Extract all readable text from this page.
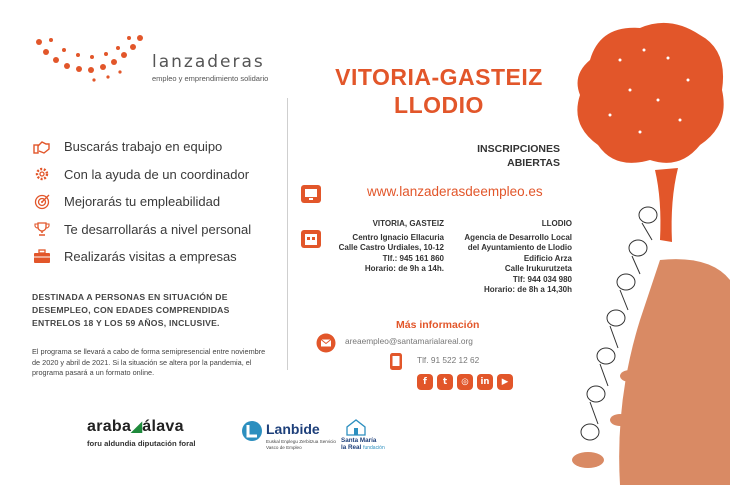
lanzaderas
empleo y emprendimiento solidario
Buscarás trabajo en equipo
Con la ayuda de un coordinador
Mejorarás tu empleabilidad
Te desarrollarás a nivel personal
Realizarás visitas a empresas
DESTINADA A PERSONAS EN SITUACIÓN DE DESEMPLEO, CON EDADES COMPRENDIDAS ENTRELOS 18 Y LOS 59 AÑOS, INCLUSIVE.
El programa se llevará a cabo de forma semipresencial entre noviembre de 2020 y abril de 2021. Si la situación se altera por la pandemia, el programa pasará a un formato online.
VITORIA-GASTEIZ
LLODIO
INSCRIPCIONES
ABIERTAS
www.lanzaderasdeempleo.es
VITORIA, GASTEIZ
Centro Ignacio Ellacuria
Calle Castro Urdiales, 10-12
Tlf.: 945 161 860
Horario: de 9h a 14h.
LLODIO
Agencia de Desarrollo Local
del Ayuntamiento de Llodio
Edificio Arza
Calle Irukurutzeta
Tlf: 944 034 980
Horario: de 8h a 14,30h
Más información
areaempleo@santamarialareal.org
Tlf. 91 522 12 62
f	t	◎	in	▶
araba◢álava
foru aldundia diputación foral
Lanbide
Euskal Enplegu Zerbitzua Servicio Vasco de Empleo
Santa María
la Real fundación
